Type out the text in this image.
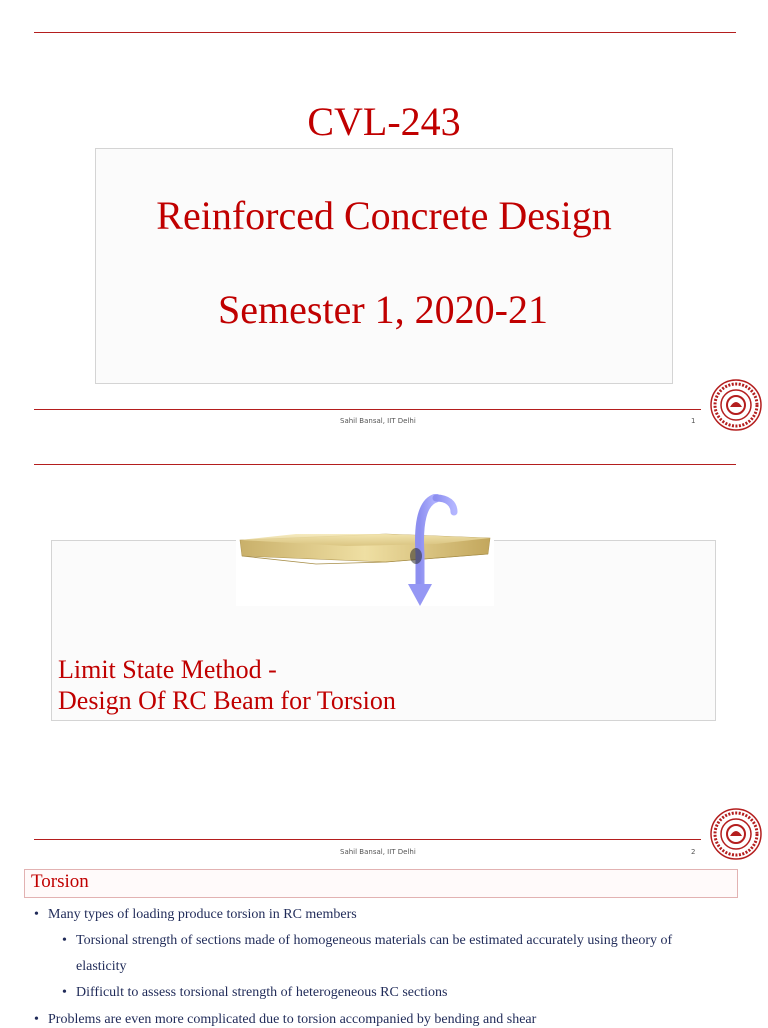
CVL-243
Reinforced Concrete Design
Semester 1, 2020-21
Sahil Bansal, IIT Delhi	1
Limit State Method -
Design Of RC Beam for Torsion
Sahil Bansal, IIT Delhi	2
Torsion
• Many types of loading produce torsion in RC members
• Torsional strength of sections made of homogeneous materials can be estimated accurately using theory of
elasticity
• Difficult to assess torsional strength of heterogeneous RC sections
• Problems are even more complicated due to torsion accompanied by bending and shear
